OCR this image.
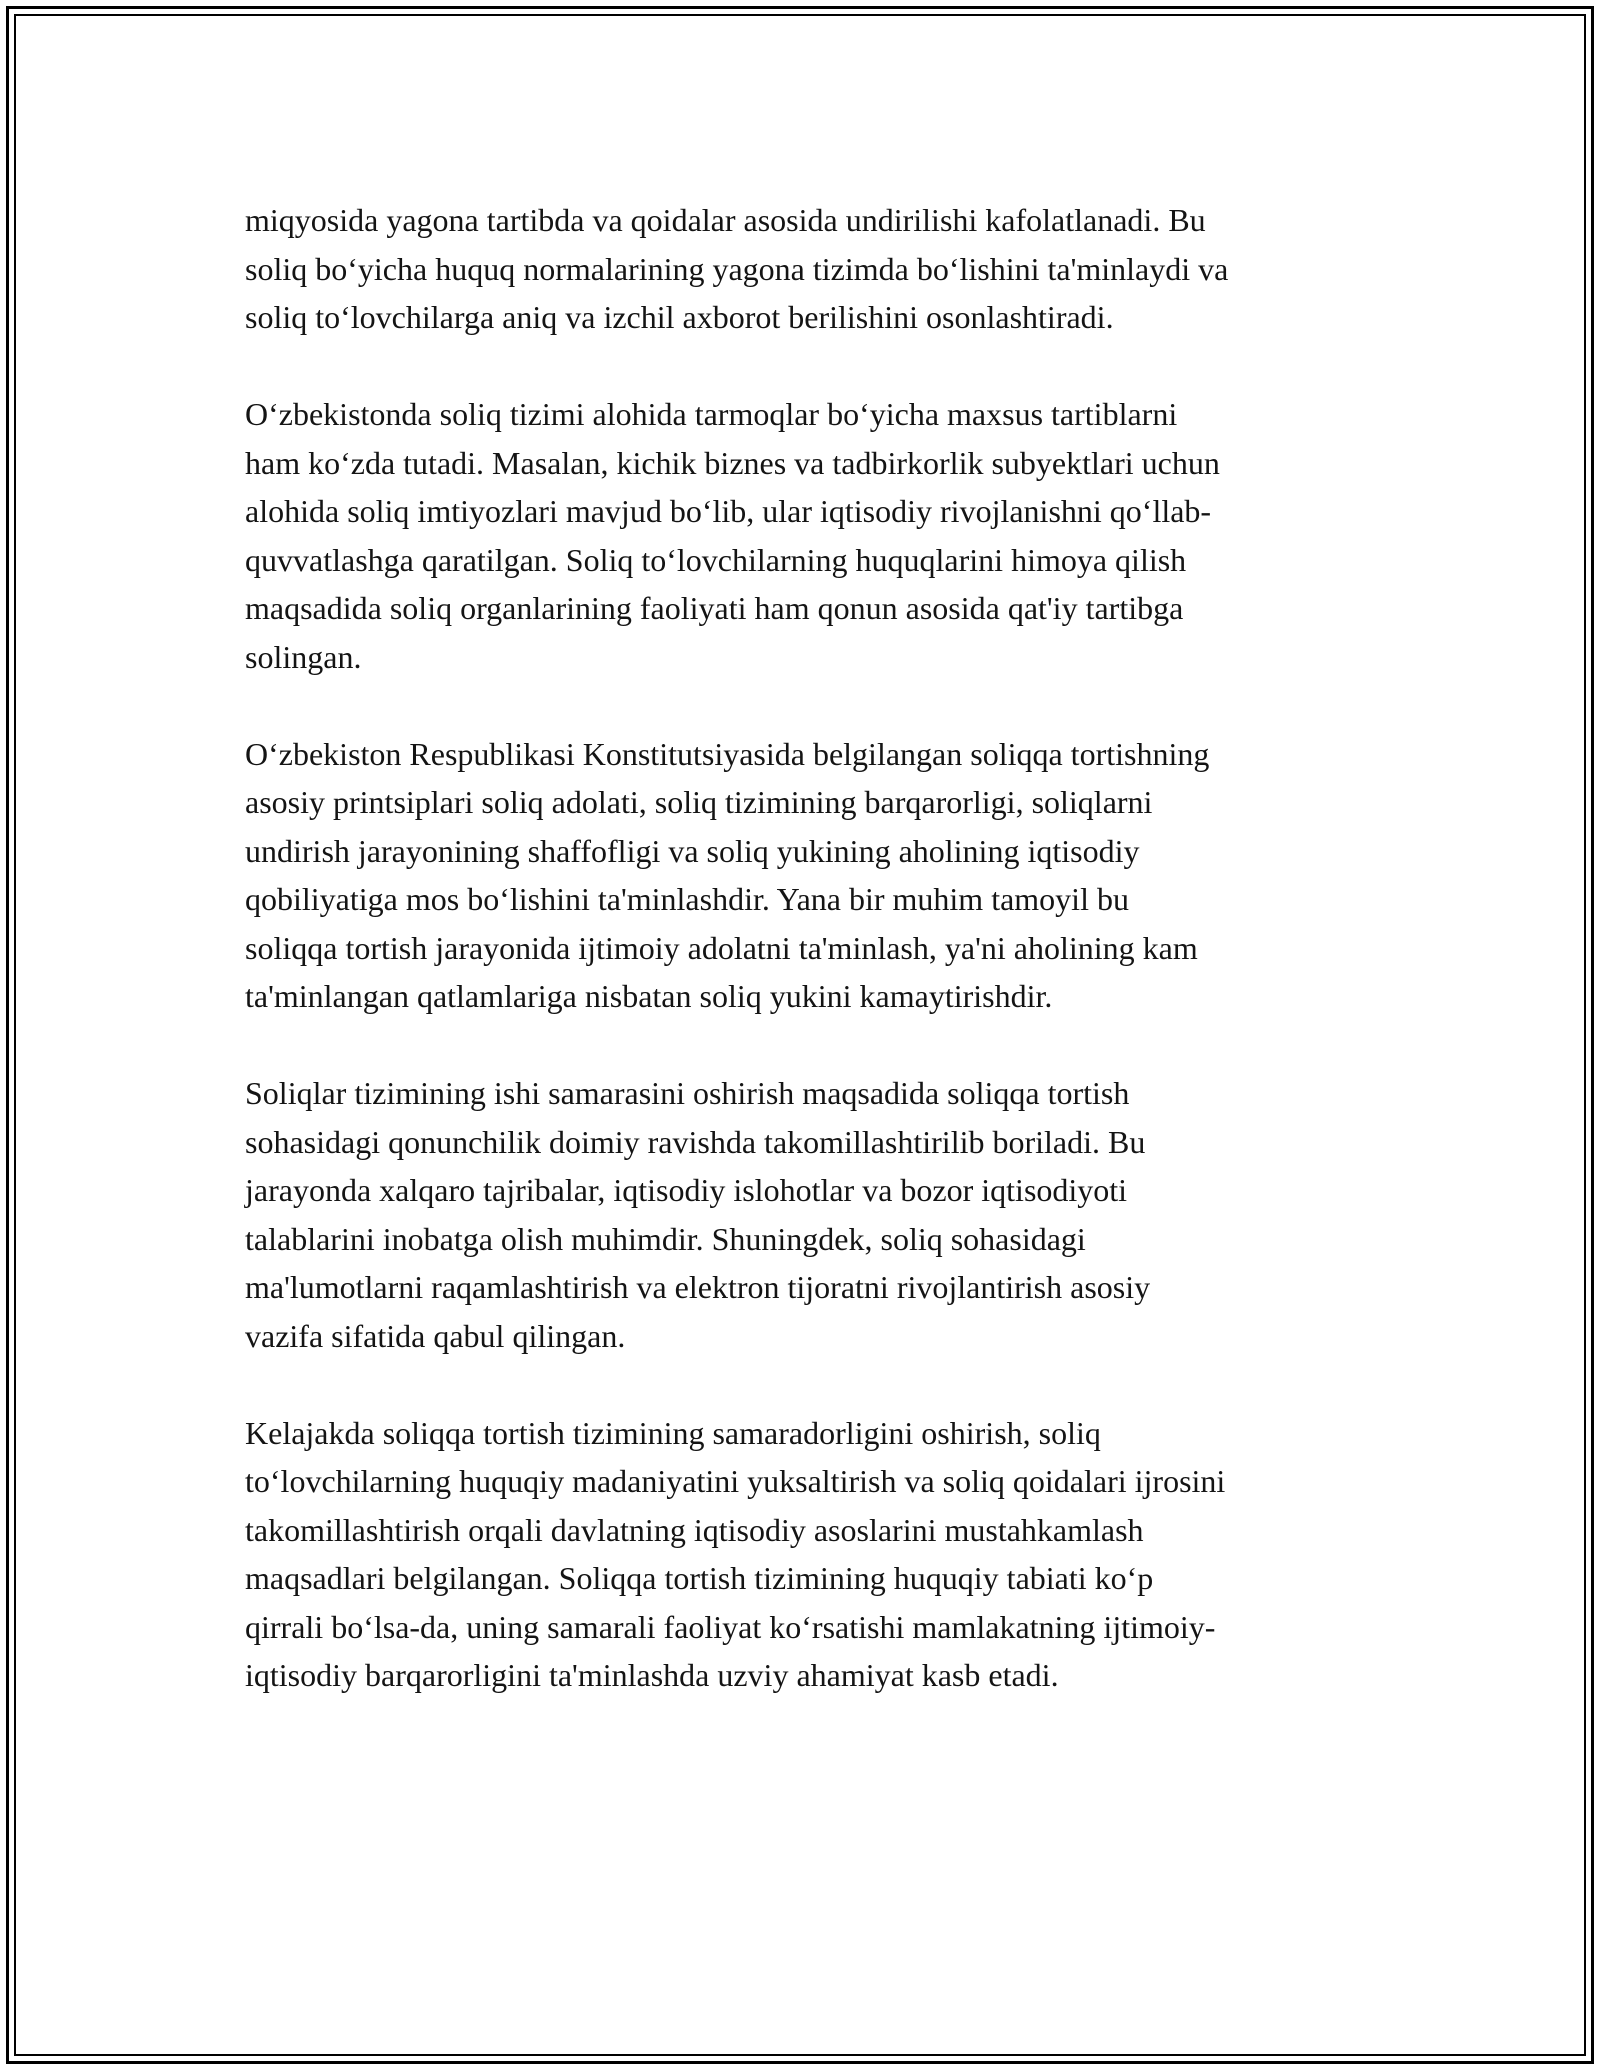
miqyosida yagona tartibda va qoidalar asosida undirilishi kafolatlanadi. Bu
soliq bo‘yicha huquq normalarining yagona tizimda bo‘lishini ta'minlaydi va
soliq to‘lovchilarga aniq va izchil axborot berilishini osonlashtiradi.

O‘zbekistonda soliq tizimi alohida tarmoqlar bo‘yicha maxsus tartiblarni
ham ko‘zda tutadi. Masalan, kichik biznes va tadbirkorlik subyektlari uchun
alohida soliq imtiyozlari mavjud bo‘lib, ular iqtisodiy rivojlanishni qo‘llab-
quvvatlashga qaratilgan. Soliq to‘lovchilarning huquqlarini himoya qilish
maqsadida soliq organlarining faoliyati ham qonun asosida qat'iy tartibga
solingan.

O‘zbekiston Respublikasi Konstitutsiyasida belgilangan soliqqa tortishning
asosiy printsiplari soliq adolati, soliq tizimining barqarorligi, soliqlarni
undirish jarayonining shaffofligi va soliq yukining aholining iqtisodiy
qobiliyatiga mos bo‘lishini ta'minlashdir. Yana bir muhim tamoyil bu
soliqqa tortish jarayonida ijtimoiy adolatni ta'minlash, ya'ni aholining kam
ta'minlangan qatlamlariga nisbatan soliq yukini kamaytirishdir.

Soliqlar tizimining ishi samarasini oshirish maqsadida soliqqa tortish
sohasidagi qonunchilik doimiy ravishda takomillashtirilib boriladi. Bu
jarayonda xalqaro tajribalar, iqtisodiy islohotlar va bozor iqtisodiyoti
talablarini inobatga olish muhimdir. Shuningdek, soliq sohasidagi
ma'lumotlarni raqamlashtirish va elektron tijoratni rivojlantirish asosiy
vazifa sifatida qabul qilingan.

Kelajakda soliqqa tortish tizimining samaradorligini oshirish, soliq
to‘lovchilarning huquqiy madaniyatini yuksaltirish va soliq qoidalari ijrosini
takomillashtirish orqali davlatning iqtisodiy asoslarini mustahkamlash
maqsadlari belgilangan. Soliqqa tortish tizimining huquqiy tabiati ko‘p
qirrali bo‘lsa-da, uning samarali faoliyat ko‘rsatishi mamlakatning ijtimoiy-
iqtisodiy barqarorligini ta'minlashda uzviy ahamiyat kasb etadi.
